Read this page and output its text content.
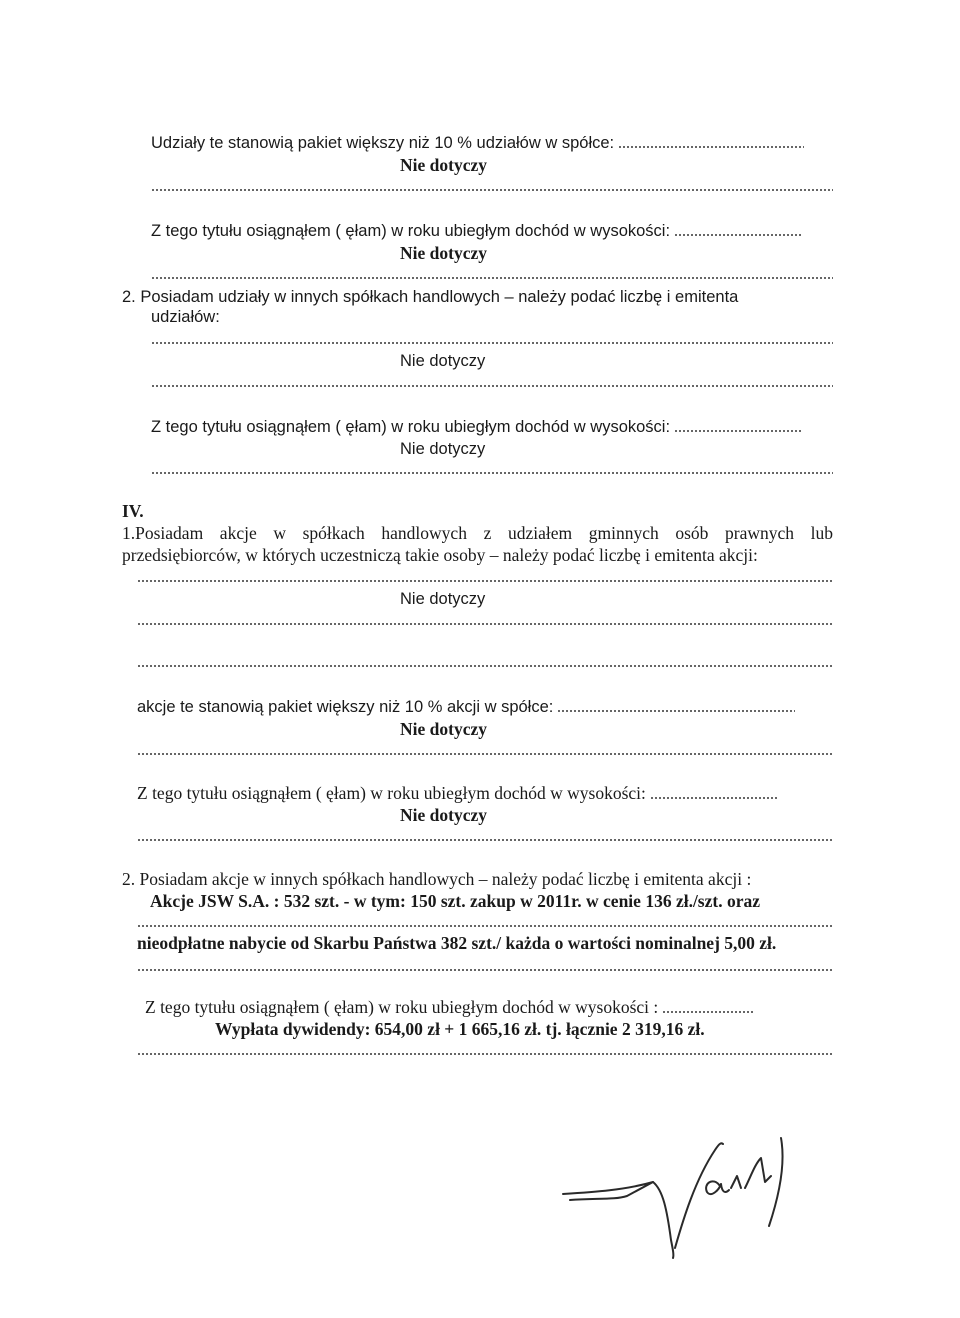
Udziały te stanowią pakiet większy niż 10 % udziałów w spółce:
Nie dotyczy
Z tego tytułu osiągnąłem ( ęłam) w roku ubiegłym dochód w wysokości:
Nie dotyczy
2. Posiadam udziały w innych spółkach handlowych – należy podać liczbę i emitenta
udziałów:
Nie dotyczy
Z tego tytułu osiągnąłem ( ęłam) w roku ubiegłym dochód w wysokości:
Nie dotyczy
IV.
1.Posiadam akcje w spółkach handlowych z udziałem gminnych osób prawnych lub
przedsiębiorców, w których uczestniczą takie osoby – należy podać liczbę i emitenta akcji:
Nie dotyczy
akcje te stanowią pakiet większy niż 10 % akcji w spółce:
Nie dotyczy
Z tego tytułu osiągnąłem ( ęłam) w roku ubiegłym dochód w wysokości:
Nie dotyczy
2. Posiadam akcje w innych spółkach handlowych – należy podać liczbę i emitenta akcji :
Akcje JSW S.A. : 532 szt. - w tym: 150 szt. zakup w 2011r. w cenie 136 zł./szt. oraz
nieodpłatne nabycie od Skarbu Państwa 382 szt./ każda o wartości nominalnej 5,00 zł.
Z tego tytułu osiągnąłem ( ęłam) w roku ubiegłym dochód w wysokości :
Wypłata dywidendy: 654,00 zł + 1 665,16 zł. tj. łącznie 2 319,16 zł.
